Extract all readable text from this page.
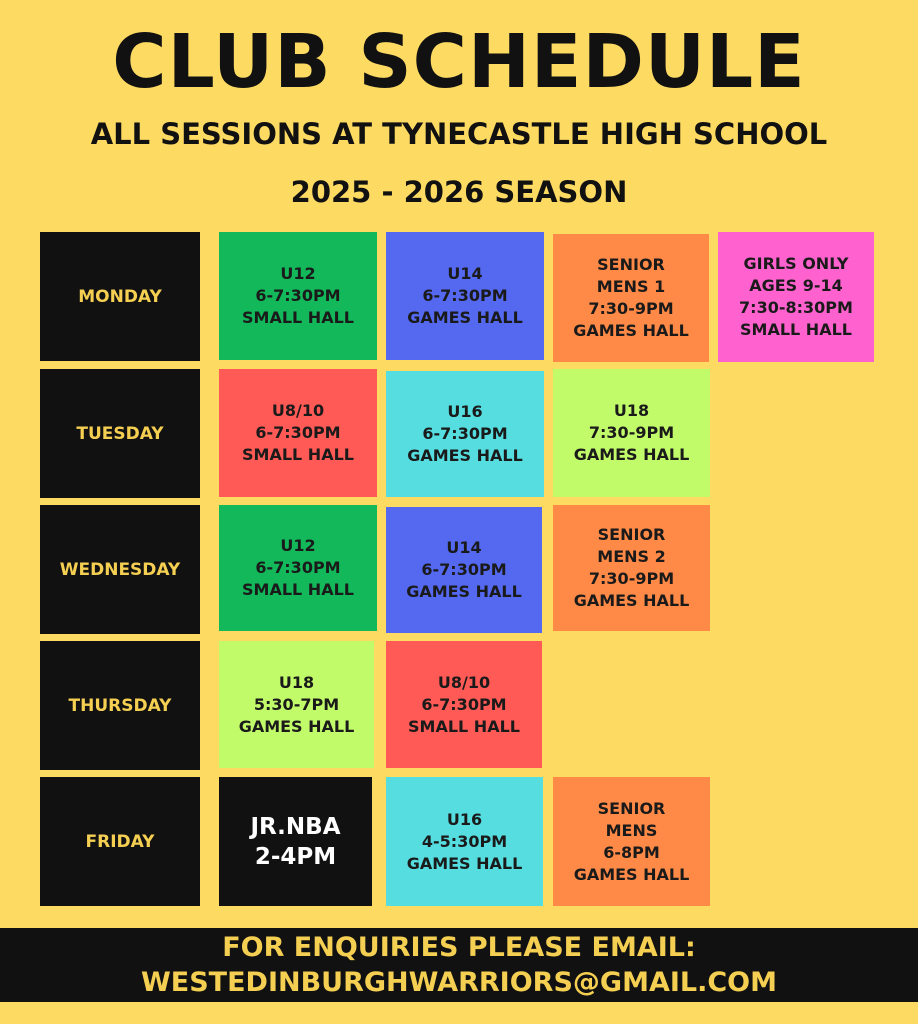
CLUB SCHEDULE
ALL SESSIONS AT TYNECASTLE HIGH SCHOOL
2025 - 2026 SEASON
MONDAY
TUESDAY
WEDNESDAY
THURSDAY
FRIDAY
U12
6-7:30PM
SMALL HALL
U14
6-7:30PM
GAMES HALL
SENIOR
MENS 1
7:30-9PM
GAMES HALL
GIRLS ONLY
AGES 9-14
7:30-8:30PM
SMALL HALL
U8/10
6-7:30PM
SMALL HALL
U16
6-7:30PM
GAMES HALL
U18
7:30-9PM
GAMES HALL
U12
6-7:30PM
SMALL HALL
U14
6-7:30PM
GAMES HALL
SENIOR
MENS 2
7:30-9PM
GAMES HALL
U18
5:30-7PM
GAMES HALL
U8/10
6-7:30PM
SMALL HALL
JR.NBA
2-4PM
U16
4-5:30PM
GAMES HALL
SENIOR
MENS
6-8PM
GAMES HALL
FOR ENQUIRIES PLEASE EMAIL:
WESTEDINBURGHWARRIORS@GMAIL.COM
